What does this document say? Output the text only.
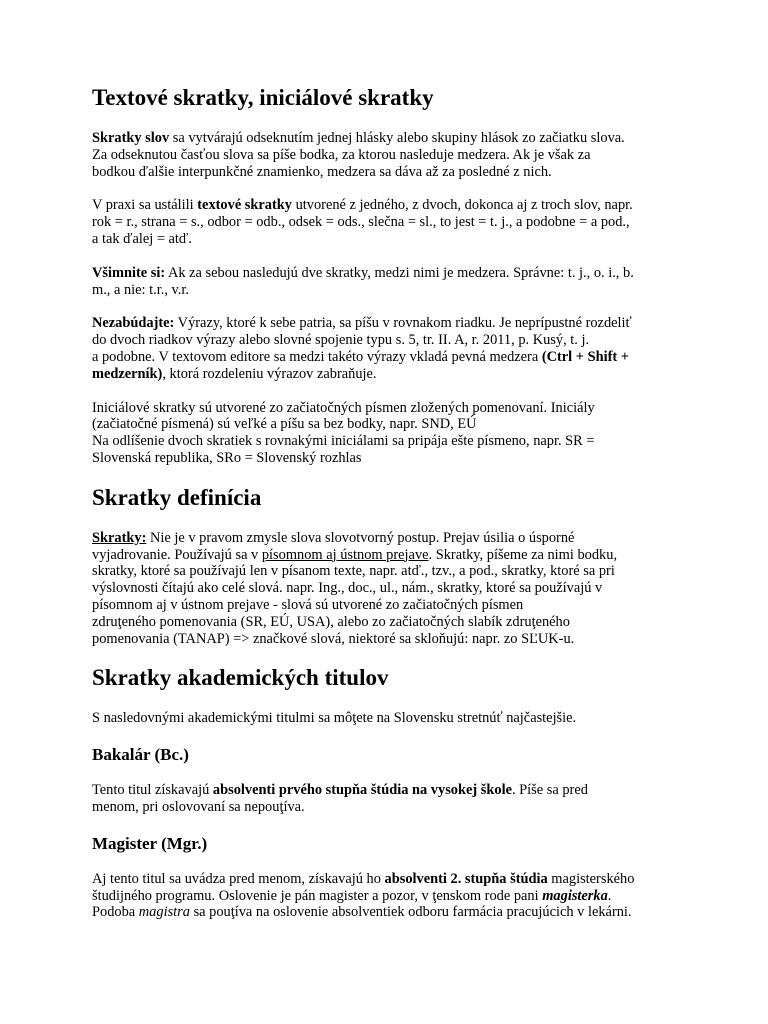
Textové skratky, iniciálové skratky

Skratky slov sa vytvárajú odseknutím jednej hlásky alebo skupiny hlások zo začiatku slova.
Za odseknutou časťou slova sa píše bodka, za ktorou nasleduje medzera. Ak je však za
bodkou ďalšie interpunkčné znamienko, medzera sa dáva až za posledné z nich.

V praxi sa ustálili textové skratky utvorené z jedného, z dvoch, dokonca aj z troch slov, napr.
rok = r., strana = s., odbor = odb., odsek = ods., slečna = sl., to jest = t. j., a podobne = a pod.,
a tak ďalej = atď.

Všimnite si: Ak za sebou nasledujú dve skratky, medzi nimi je medzera. Správne: t. j., o. i., b.
m., a nie: t.r., v.r.

Nezabúdajte: Výrazy, ktoré k sebe patria, sa píšu v rovnakom riadku. Je neprípustné rozdeliť
do dvoch riadkov výrazy alebo slovné spojenie typu s. 5, tr. II. A, r. 2011, p. Kusý, t. j.
a podobne. V textovom editore sa medzi takéto výrazy vkladá pevná medzera (Ctrl + Shift +
medzerník), ktorá rozdeleniu výrazov zabraňuje.

Iniciálové skratky sú utvorené zo začiatočných písmen zložených pomenovaní. Iniciály
(začiatočné písmená) sú veľké a píšu sa bez bodky, napr. SND, EÚ
Na odlíšenie dvoch skratiek s rovnakými iniciálami sa pripája ešte písmeno, napr. SR =
Slovenská republika, SRo = Slovenský rozhlas

Skratky definícia

Skratky: Nie je v pravom zmysle slova slovotvorný postup. Prejav úsilia o úsporné
vyjadrovanie. Používajú sa v písomnom aj ústnom prejave. Skratky, píšeme za nimi bodku,
skratky, ktoré sa používajú len v písanom texte, napr. atď., tzv., a pod., skratky, ktoré sa pri
výslovnosti čítajú ako celé slová. napr. Ing., doc., ul., nám., skratky, ktoré sa používajú v
písomnom aj v ústnom prejave - slová sú utvorené zo začiatočných písmen
zdruţeného pomenovania (SR, EÚ, USA), alebo zo začiatočných slabík zdruţeného
pomenovania (TANAP) => značkové slová, niektoré sa skloňujú: napr. zo SĽUK-u.

Skratky akademických titulov

S nasledovnými akademickými titulmi sa môţete na Slovensku stretnúť najčastejšie.

Bakalár (Bc.)

Tento titul získavajú absolventi prvého stupňa štúdia na vysokej škole. Píše sa pred
menom, pri oslovovaní sa nepouţíva.

Magister (Mgr.)

Aj tento titul sa uvádza pred menom, získavajú ho absolventi 2. stupňa štúdia magisterského
študijného programu. Oslovenie je pán magister a pozor, v ţenskom rode pani magisterka.
Podoba magistra sa pouţíva na oslovenie absolventiek odboru farmácia pracujúcich v lekárni.
